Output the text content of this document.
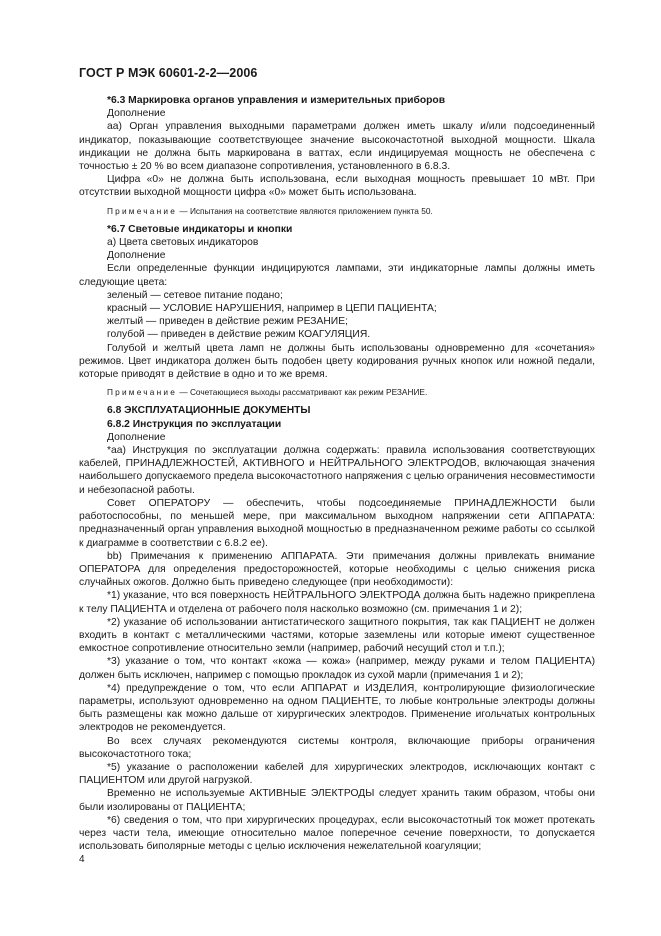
ГОСТ Р МЭК 60601-2-2—2006

*6.3 Маркировка органов управления и измерительных приборов

Дополнение

аа) Орган управления выходными параметрами должен иметь шкалу и/или подсоединенный индикатор, показывающие соответствующее значение высокочастотной выходной мощности. Шкала индикации не должна быть маркирована в ваттах, если индицируемая мощность не обеспечена с точностью ± 20 % во всем диапазоне сопротивления, установленного в 6.8.3.

Цифра «0» не должна быть использована, если выходная мощность превышает 10 мВт. При отсутствии выходной мощности цифра «0» может быть использована.

Примечание — Испытания на соответствие являются приложением пункта 50.

*6.7 Световые индикаторы и кнопки

а) Цвета световых индикаторов

Дополнение

Если определенные функции индицируются лампами, эти индикаторные лампы должны иметь следующие цвета:

зеленый — сетевое питание подано;

красный — УСЛОВИЕ НАРУШЕНИЯ, например в ЦЕПИ ПАЦИЕНТА;

желтый — приведен в действие режим РЕЗАНИЕ;

голубой — приведен в действие режим КОАГУЛЯЦИЯ.

Голубой и желтый цвета ламп не должны быть использованы одновременно для «сочетания» режимов. Цвет индикатора должен быть подобен цвету кодирования ручных кнопок или ножной педали, которые приводят в действие в одно и то же время.

Примечание — Сочетающиеся выходы рассматривают как режим РЕЗАНИЕ.

6.8 ЭКСПЛУАТАЦИОННЫЕ ДОКУМЕНТЫ

6.8.2 Инструкция по эксплуатации

Дополнение

*аа) Инструкция по эксплуатации должна содержать: правила использования соответствующих кабелей, ПРИНАДЛЕЖНОСТЕЙ, АКТИВНОГО и НЕЙТРАЛЬНОГО ЭЛЕКТРОДОВ, включающая значения наибольшего допускаемого предела высокочастотного напряжения с целью ограничения несовместимости и небезопасной работы.

Совет ОПЕРАТОРУ — обеспечить, чтобы подсоединяемые ПРИНАДЛЕЖНОСТИ были работоспособны, по меньшей мере, при максимальном выходном напряжении сети АППАРАТА: предназначенный орган управления выходной мощностью в предназначенном режиме работы со ссылкой к диаграмме в соответствии с 6.8.2 ее).

bb) Примечания к применению АППАРАТА. Эти примечания должны привлекать внимание ОПЕРАТОРА для определения предосторожностей, которые необходимы с целью снижения риска случайных ожогов. Должно быть приведено следующее (при необходимости):

*1) указание, что вся поверхность НЕЙТРАЛЬНОГО ЭЛЕКТРОДА должна быть надежно прикреплена к телу ПАЦИЕНТА и отделена от рабочего поля насколько возможно (см. примечания 1 и 2);

*2) указание об использовании антистатического защитного покрытия, так как ПАЦИЕНТ не должен входить в контакт с металлическими частями, которые заземлены или которые имеют существенное емкостное сопротивление относительно земли (например, рабочий несущий стол и т.п.);

*3) указание о том, что контакт «кожа — кожа» (например, между руками и телом ПАЦИЕНТА) должен быть исключен, например с помощью прокладок из сухой марли (примечания 1 и 2);

*4) предупреждение о том, что если АППАРАТ и ИЗДЕЛИЯ, контролирующие физиологические параметры, используют одновременно на одном ПАЦИЕНТЕ, то любые контрольные электроды должны быть размещены как можно дальше от хирургических электродов. Применение игольчатых контрольных электродов не рекомендуется.

Во всех случаях рекомендуются системы контроля, включающие приборы ограничения высокочастотного тока;

*5) указание о расположении кабелей для хирургических электродов, исключающих контакт с ПАЦИЕНТОМ или другой нагрузкой.

Временно не используемые АКТИВНЫЕ ЭЛЕКТРОДЫ следует хранить таким образом, чтобы они были изолированы от ПАЦИЕНТА;

*6) сведения о том, что при хирургических процедурах, если высокочастотный ток может протекать через части тела, имеющие относительно малое поперечное сечение поверхности, то допускается использовать биполярные методы с целью исключения нежелательной коагуляции;

4
